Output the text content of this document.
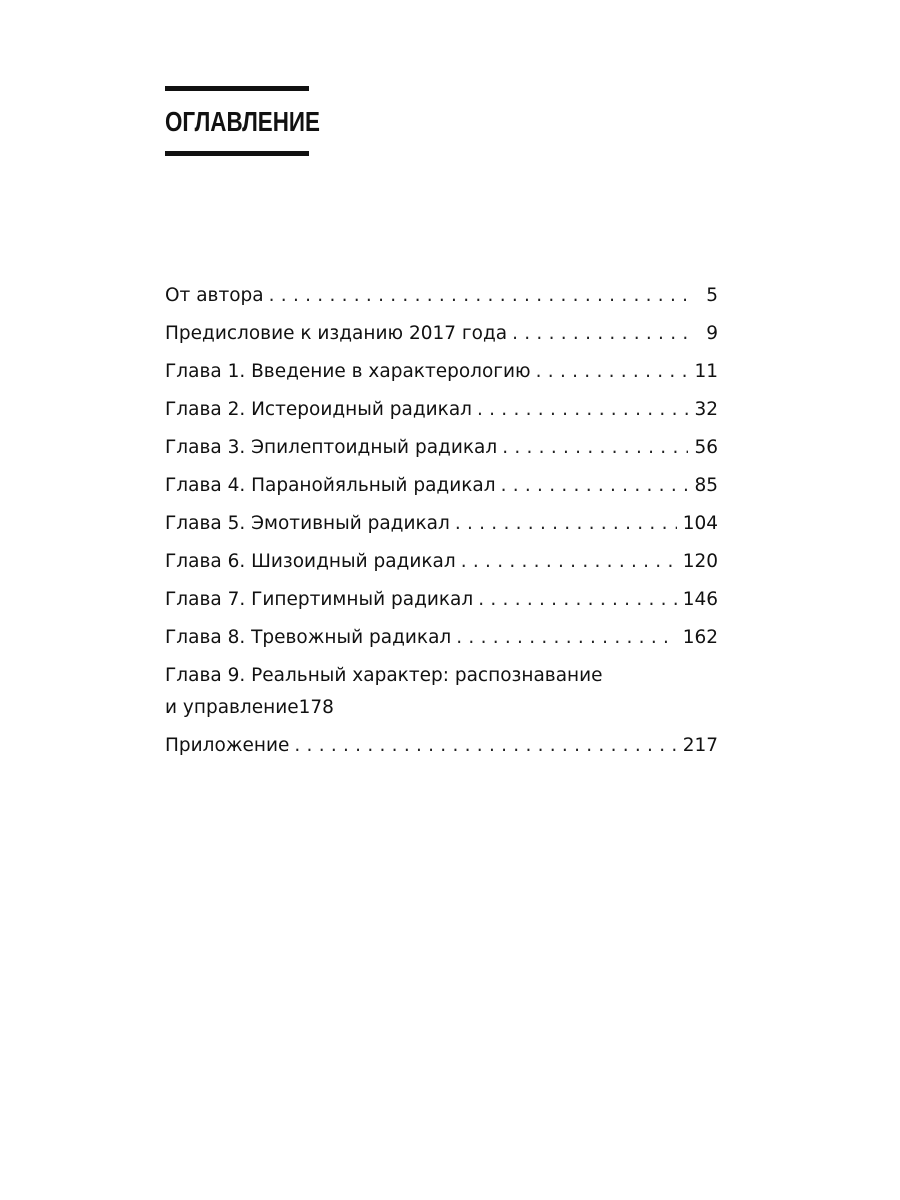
ОГЛАВЛЕНИЕ
От автора . . .	5
Предисловие к изданию 2017 года . . .	9
Глава 1. Введение в характерологию . . .	11
Глава 2. Истероидный радикал . . .	32
Глава 3. Эпилептоидный радикал . . .	56
Глава 4. Паранойяльный радикал . . .	85
Глава 5. Эмотивный радикал . . .	104
Глава 6. Шизоидный радикал . . .	120
Глава 7. Гипертимный радикал . . .	146
Глава 8. Тревожный радикал . . .	162
Глава 9. Реальный характер: распознавание
и управление 178
Приложение . . .	217
